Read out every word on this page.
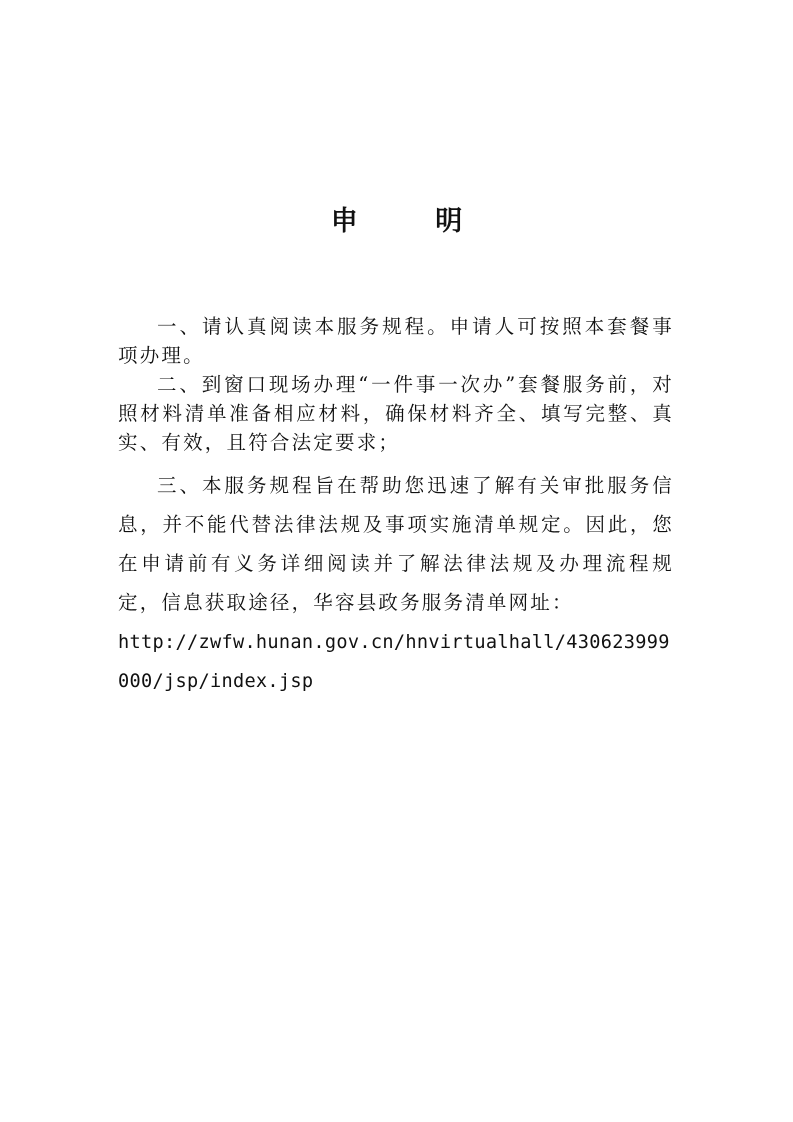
申 明

一、请认真阅读本服务规程。申请人可按照本套餐事项办理。

二、到窗口现场办理“一件事一次办”套餐服务前，对照材料清单准备相应材料，确保材料齐全、填写完整、真实、有效，且符合法定要求；

三、本服务规程旨在帮助您迅速了解有关审批服务信息，并不能代替法律法规及事项实施清单规定。因此，您在申请前有义务详细阅读并了解法律法规及办理流程规定，信息获取途径，华容县政务服务清单网址：

http://zwfw.hunan.gov.cn/hnvirtualhall/430623999000/jsp/index.jsp
